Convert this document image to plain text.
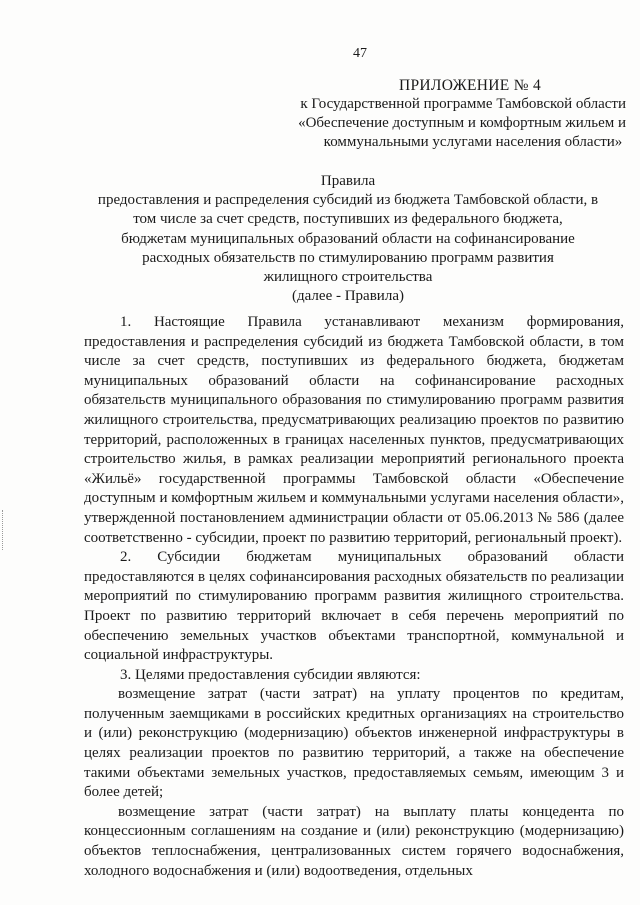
47
ПРИЛОЖЕНИЕ № 4
к Государственной программе Тамбовской области
«Обеспечение доступным и комфортным жильем и
коммунальными услугами населения области»
Правила
предоставления и распределения субсидий из бюджета Тамбовской области, в
том числе за счет средств, поступивших из федерального бюджета,
бюджетам муниципальных образований области на софинансирование
расходных обязательств по стимулированию программ развития
жилищного строительства
(далее - Правила)

1. Настоящие Правила устанавливают механизм формирования, предоставления и распределения субсидий из бюджета Тамбовской области, в том числе за счет средств, поступивших из федерального бюджета, бюджетам муниципальных образований области на софинансирование расходных обязательств муниципального образования по стимулированию программ развития жилищного строительства, предусматривающих реализацию проектов по развитию территорий, расположенных в границах населенных пунктов, предусматривающих строительство жилья, в рамках реализации мероприятий регионального проекта «Жильё» государственной программы Тамбовской области «Обеспечение доступным и комфортным жильем и коммунальными услугами населения области», утвержденной постановлением администрации области от 05.06.2013 № 586 (далее соответственно - субсидии, проект по развитию территорий, региональный проект).

2. Субсидии бюджетам муниципальных образований области предоставляются в целях софинансирования расходных обязательств по реализации мероприятий по стимулированию программ развития жилищного строительства. Проект по развитию территорий включает в себя перечень мероприятий по обеспечению земельных участков объектами транспортной, коммунальной и социальной инфраструктуры.

3. Целями предоставления субсидии являются:

возмещение затрат (части затрат) на уплату процентов по кредитам, полученным заемщиками в российских кредитных организациях на строительство и (или) реконструкцию (модернизацию) объектов инженерной инфраструктуры в целях реализации проектов по развитию территорий, а также на обеспечение такими объектами земельных участков, предоставляемых семьям, имеющим 3 и более детей;

возмещение затрат (части затрат) на выплату платы концедента по концессионным соглашениям на создание и (или) реконструкцию (модернизацию) объектов теплоснабжения, централизованных систем горячего водоснабжения, холодного водоснабжения и (или) водоотведения, отдельных
